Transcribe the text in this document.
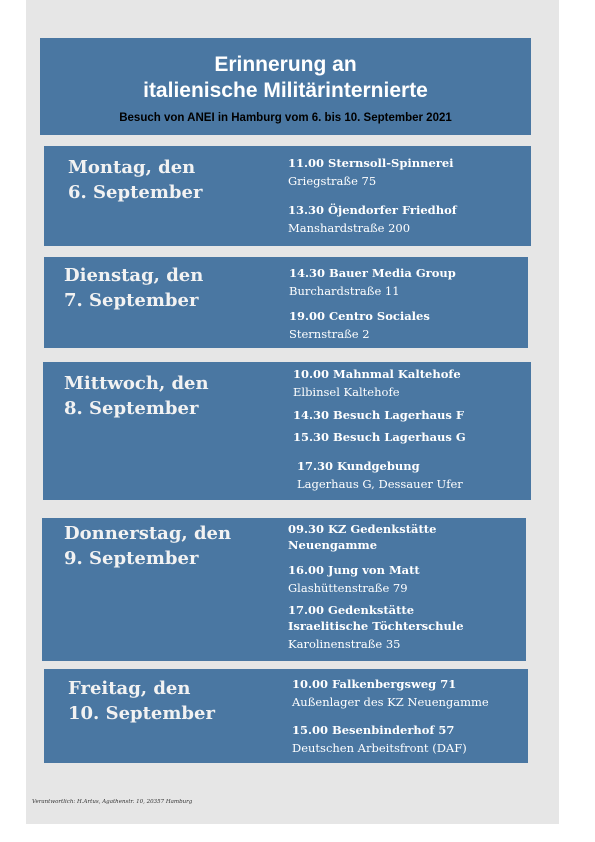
Erinnerung an
italienische Militärinternierte
Besuch von ANEI in Hamburg vom 6. bis 10. September 2021
Montag, den
6. September
11.00 Sternsoll-Spinnerei
Griegstraße 75
13.30 Öjendorfer Friedhof
Manshardstraße 200
Dienstag, den
7. September
14.30 Bauer Media Group
Burchardstraße 11
19.00 Centro Sociales
Sternstraße 2
Mittwoch, den
8. September
10.00 Mahnmal Kaltehofe
Elbinsel Kaltehofe
14.30 Besuch Lagerhaus F
15.30 Besuch Lagerhaus G
17.30 Kundgebung
Lagerhaus G, Dessauer Ufer
Donnerstag, den
9. September
09.30 KZ Gedenkstätte
Neuengamme
16.00 Jung von Matt
Glashüttenstraße 79
17.00 Gedenkstätte
Israelitische Töchterschule
Karolinenstraße 35
Freitag, den
10. September
10.00 Falkenbergsweg 71
Außenlager des KZ Neuengamme
15.00 Besenbinderhof 57
Deutschen Arbeitsfront (DAF)
Verantwortlich: H.Artus, Agathenstr. 10, 20357 Hamburg
